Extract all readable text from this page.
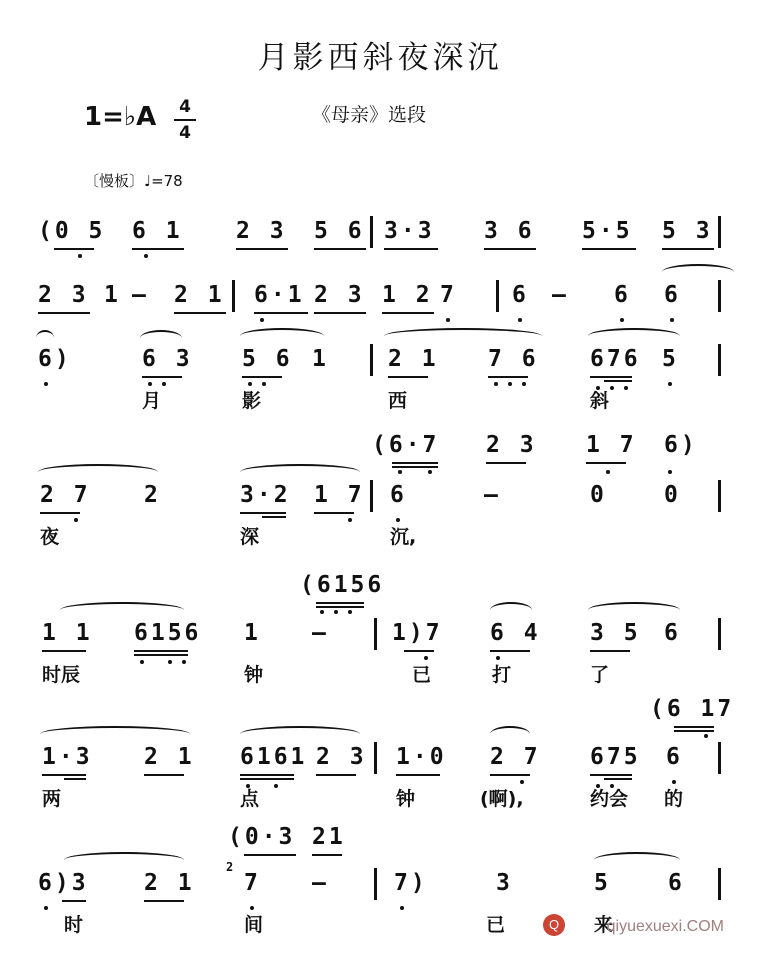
月影西斜夜深沉
1=♭A 4
4
《母亲》选段
〔慢板〕♩=78
(0 5 6 1 2 3 5 6 3·3 3 6 5·5 5 3
2 3 1 — 2 1 6·1 2 3 1 2 7 6 — 6 6
6)	6 3 5 6 1	2 1 7 6 676 5
月	影	西	斜
(6·7 2 3 1 7 6)
2 7 2	3·2 1 7 6	—	0 0
夜	深	沉,
(6156
1 1 6156 1 —	1)7 6 4 3 5 6
时辰	钟	已	打	了
(6 17
1·3 2 1 6161 2 3 1·0 2 7 675 6
两	点	钟	(啊),	约会 的
(0·3 21
6)3 2 1
2
7 —	7)	3	5 6
时	间	已	来
Q	qiyuexuexi.COM
